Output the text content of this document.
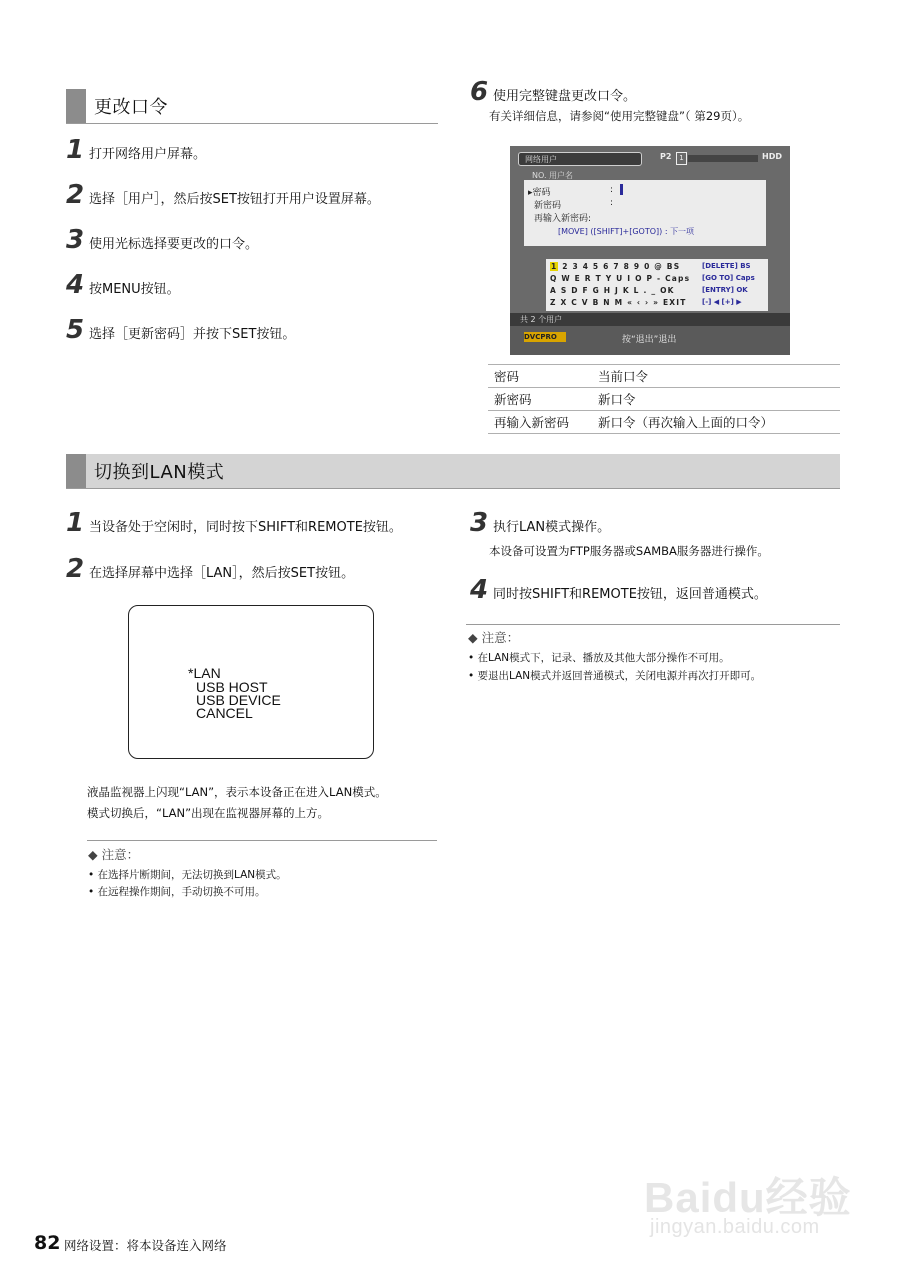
更改口令
1 打开网络用户屏幕。
2 选择［用户］，然后按SET按钮打开用户设置屏幕。
3 使用光标选择要更改的口令。
4 按MENU按钮。
5 选择［更新密码］并按下SET按钮。
6 使用完整键盘更改口令。
有关详细信息，请参阅“使用完整键盘”（ 第29页）。
网络用户	P2	1	HDD
NO. 用户名
▸密码	:
新密码	:
再输入新密码:
[MOVE] ([SHIFT]+[GOTO]) : 下一项
1 2 3 4 5 6 7 8 9 0 @ BS
Q W E R T Y U I O P - Caps
A S D F G H J K L . _ OK
Z X C V B N M « ‹ › » EXIT
[DELETE] BS
[GO TO] Caps
[ENTRY] OK
[-] ◀ [+] ▶
共 2 个用户
DVCPRO	按“退出”退出
密码	当前口令
新密码	新口令
再输入新密码	新口令（再次输入上面的口令）
切换到LAN模式
1 当设备处于空闲时，同时按下SHIFT和REMOTE按钮。
2 在选择屏幕中选择［LAN］，然后按SET按钮。
*LAN
USB HOST
USB DEVICE
CANCEL
液晶监视器上闪现“LAN”，表示本设备正在进入LAN模式。
模式切换后，“LAN”出现在监视器屏幕的上方。
◆ 注意：
• 在选择片断期间，无法切换到LAN模式。
• 在远程操作期间，手动切换不可用。
3 执行LAN模式操作。
本设备可设置为FTP服务器或SAMBA服务器进行操作。
4 同时按SHIFT和REMOTE按钮，返回普通模式。
◆ 注意：
• 在LAN模式下，记录、播放及其他大部分操作不可用。
• 要退出LAN模式并返回普通模式，关闭电源并再次打开即可。
Baidu经验
jingyan.baidu.com
82 网络设置：将本设备连入网络
